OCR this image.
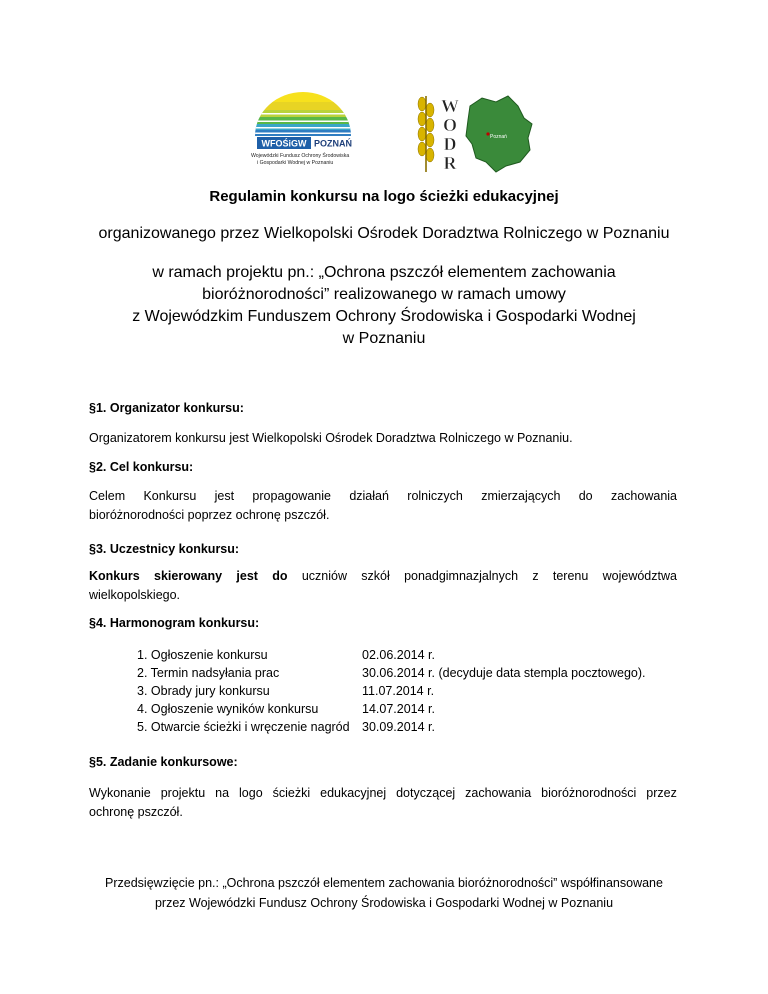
WFOŚiGW POZNAŃ
Wojewódzki Fundusz Ochrony Środowiska
i Gospodarki Wodnej w Poznaniu
Poznań
W
O
D
R
Regulamin konkursu na logo ścieżki edukacyjnej
organizowanego przez Wielkopolski Ośrodek Doradztwa Rolniczego w Poznaniu
w ramach projektu pn.: „Ochrona pszczół elementem zachowania
bioróżnorodności” realizowanego w ramach umowy
z Wojewódzkim Funduszem Ochrony Środowiska i Gospodarki Wodnej
w Poznaniu
§1. Organizator konkursu:
Organizatorem konkursu jest Wielkopolski Ośrodek Doradztwa Rolniczego w Poznaniu.
§2. Cel konkursu:
Celem Konkursu jest propagowanie działań rolniczych zmierzających do zachowania
bioróżnorodności poprzez ochronę pszczół.
§3. Uczestnicy konkursu:
Konkurs skierowany jest do uczniów szkół ponadgimnazjalnych z terenu województwa
wielkopolskiego.
§4. Harmonogram konkursu:
1. Ogłoszenie konkursu	02.06.2014 r.
2. Termin nadsyłania prac	30.06.2014 r. (decyduje data stempla pocztowego).
3. Obrady jury konkursu	11.07.2014 r.
4. Ogłoszenie wyników konkursu	14.07.2014 r.
5. Otwarcie ścieżki i wręczenie nagród 30.09.2014 r.
§5. Zadanie konkursowe:
Wykonanie projektu na logo ścieżki edukacyjnej dotyczącej zachowania bioróżnorodności przez
ochronę pszczół.
Przedsięwzięcie pn.: „Ochrona pszczół elementem zachowania bioróżnorodności” współfinansowane
przez Wojewódzki Fundusz Ochrony Środowiska i Gospodarki Wodnej w Poznaniu
